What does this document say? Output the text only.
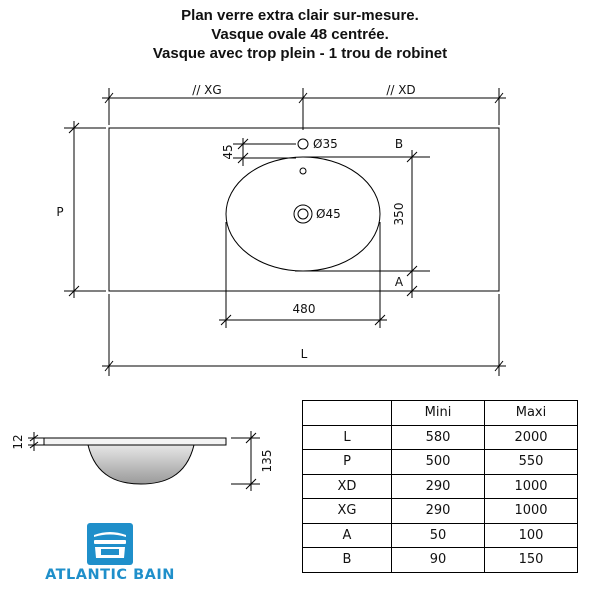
Plan verre extra clair sur-mesure.
Vasque ovale 48 centrée.
Vasque avec trop plein - 1 trou de robinet
// XG	// XD
P
L
Ø35
Ø45
480
B
A
45
350
12
135
	Mini	Maxi
L	580	2000
P	500	550
XD	290	1000
XG	290	1000
A	50	100
B	90	150
ATLANTIC BAIN
